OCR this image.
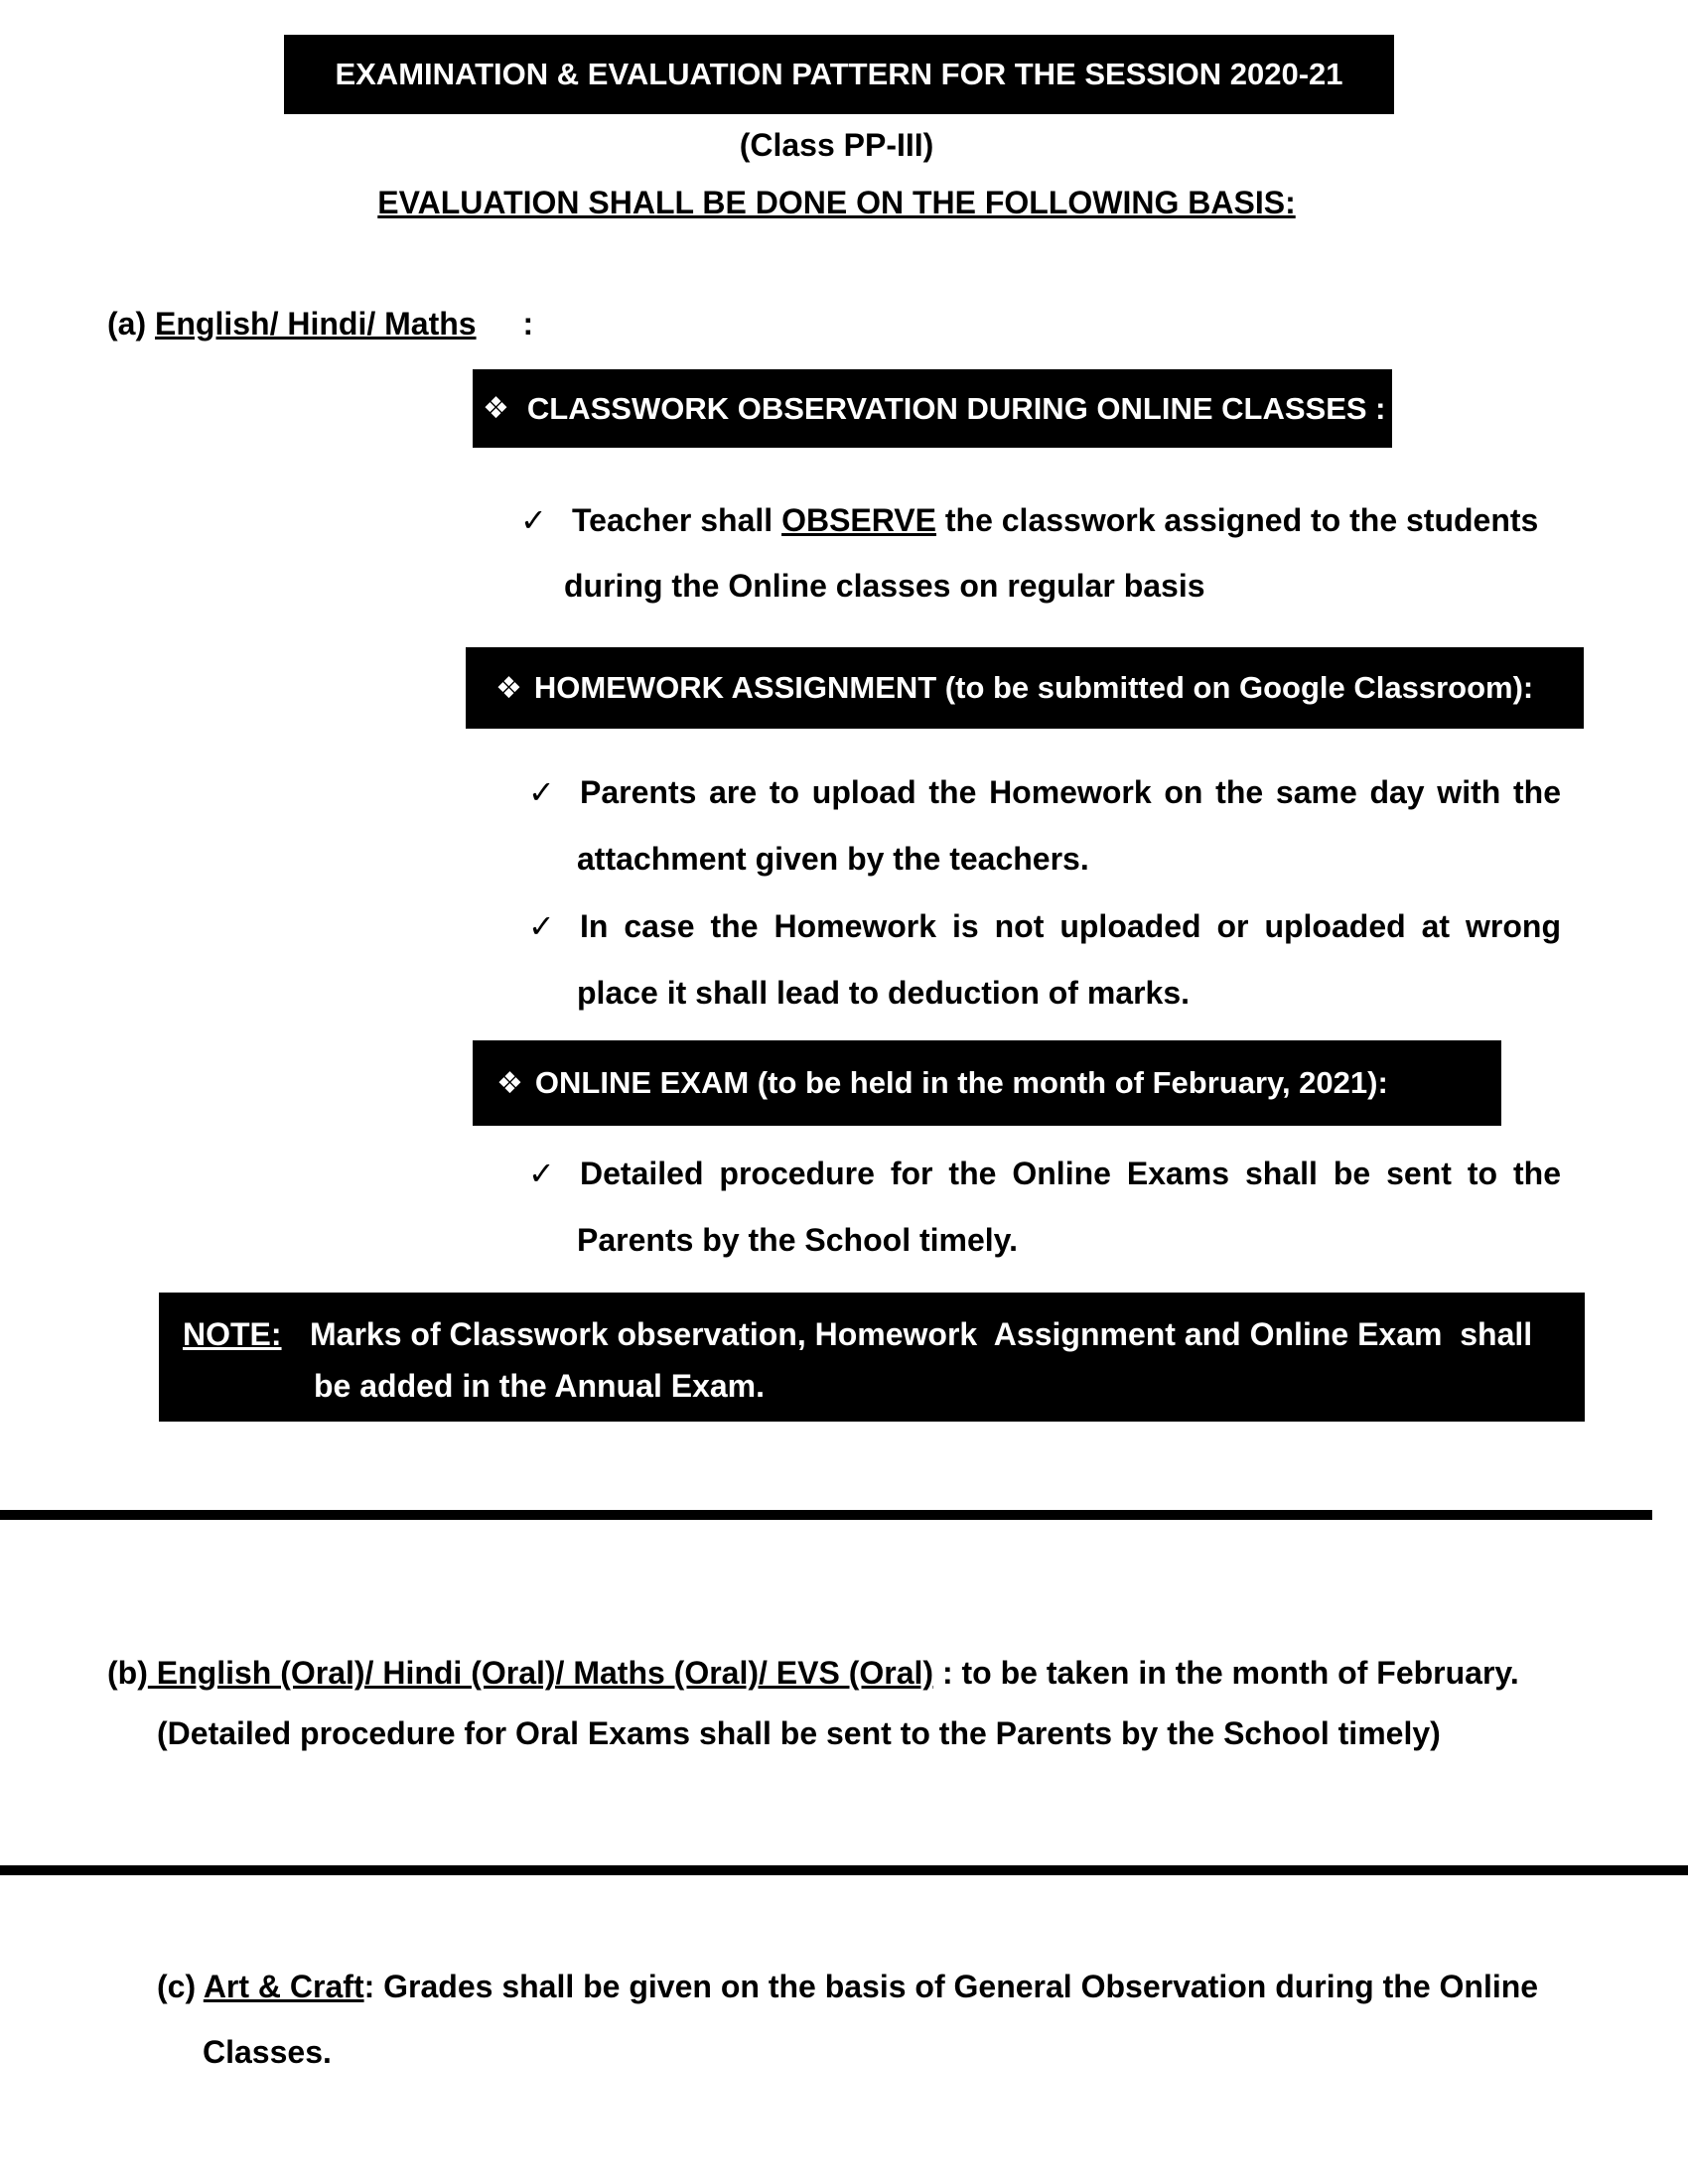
EXAMINATION & EVALUATION PATTERN FOR THE SESSION 2020-21
(Class PP-III)
EVALUATION SHALL BE DONE ON THE FOLLOWING BASIS:
(a) English/ Hindi/ Maths :
❖ CLASSWORK OBSERVATION DURING ONLINE CLASSES :
✓ Teacher shall OBSERVE the classwork assigned to the students
during the Online classes on regular basis
❖ HOMEWORK ASSIGNMENT (to be submitted on Google Classroom):
✓ Parents are to upload the Homework on the same day with the
attachment given by the teachers.
✓ In case the Homework is not uploaded or uploaded at wrong
place it shall lead to deduction of marks.
❖ ONLINE EXAM (to be held in the month of February, 2021):
✓ Detailed procedure for the Online Exams shall be sent to the
Parents by the School timely.
NOTE: Marks of Classwork observation, Homework  Assignment and Online Exam  shall
be added in the Annual Exam.
(b) English (Oral)/ Hindi (Oral)/ Maths (Oral)/ EVS (Oral) : to be taken in the month of February.
(Detailed procedure for Oral Exams shall be sent to the Parents by the School timely)
(c) Art & Craft: Grades shall be given on the basis of General Observation during the Online
Classes.
